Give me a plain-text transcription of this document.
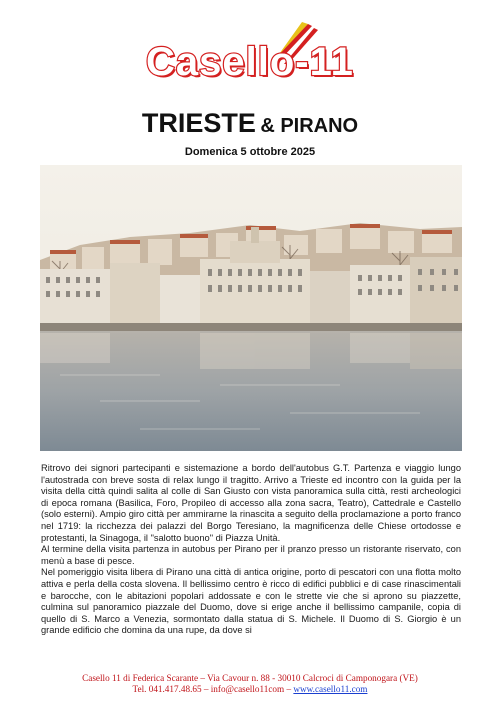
Casello‑11
TRIESTE & PIRANO
Domenica 5 ottobre 2025

Ritrovo dei signori partecipanti e sistemazione a bordo dell'autobus G.T. Partenza e viaggio lungo l'autostrada con breve sosta di relax lungo il tragitto. Arrivo a Trieste ed incontro con la guida per la visita della città quindi salita al colle di San Giusto con vista panoramica sulla città, resti archeologici di epoca romana (Basilica, Foro, Propileo di accesso alla zona sacra, Teatro), Cattedrale e Castello (solo esterni). Ampio giro città per ammirarne la rinascita a seguito della proclamazione a porto franco nel 1719: la ricchezza dei palazzi del Borgo Teresiano, la magnificenza delle Chiese ortodosse e protestanti, la Sinagoga, il "salotto buono" di Piazza Unità.

Al termine della visita partenza in autobus per Pirano per il pranzo presso un ristorante riservato, con menù a base di pesce.

Nel pomeriggio visita libera di Pirano una città di antica origine, porto di pescatori con una flotta molto attiva e perla della costa slovena. Il bellissimo centro è ricco di edifici pubblici e di case rinascimentali e barocche, con le abitazioni popolari addossate e con le strette vie che si aprono su piazzette, culmina sul panoramico piazzale del Duomo, dove si erige anche il bellissimo campanile, copia di quello di S. Marco a Venezia, sormontato dalla statua di S. Michele. Il Duomo di S. Giorgio è un grande edificio che domina da una rupe, da dove si

Casello 11 di Federica Scarante – Via Cavour n. 88 - 30010 Calcroci di Camponogara (VE)
Tel. 041.417.48.65 – info@casello11com – www.casello11.com
